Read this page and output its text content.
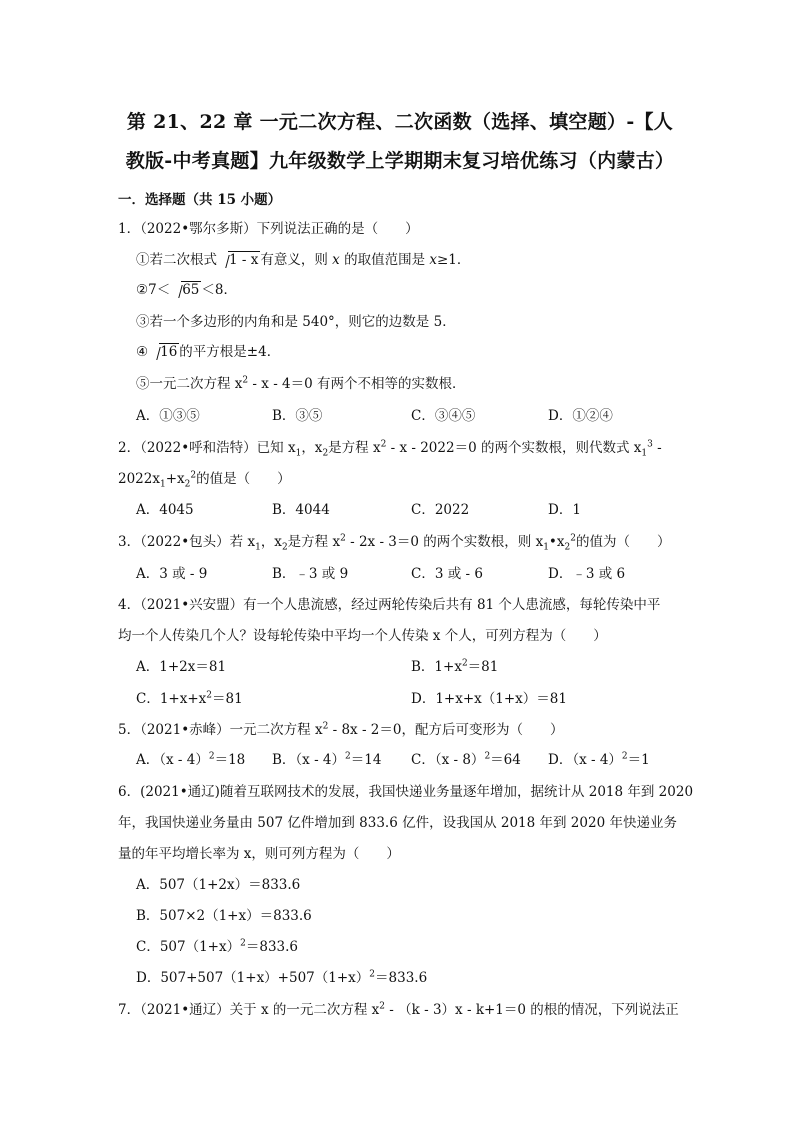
第 21、22 章 一元二次方程、二次函数（选择、填空题）-【人
教版-中考真题】九年级数学上学期期末复习培优练习（内蒙古）
一．选择题（共 15 小题）
1．（2022•鄂尔多斯）下列说法正确的是（　　）
①若二次根式 1 - x 有意义，则 x 的取值范围是 x≥1．
②7＜ 65 ＜8．
③若一个多边形的内角和是 540°，则它的边数是 5．
④ 16 的平方根是±4．
⑤一元二次方程 $x^2 - x - 4=0$ 有两个不相等的实数根．
A．①③⑤	B．③⑤	C．③④⑤	D．①②④
2．（2022•呼和浩特）已知 $x_1$，$x_2$是方程 $x^2 - x - 2022=0$ 的两个实数根，则代数式 $x_1^3$ -
$2022x_1+x_2^2$的值是（　　）
A．4045	B．4044	C．2022	D．1
3．（2022•包头）若 $x_1$，$x_2$是方程 $x^2 - 2x - 3=0$ 的两个实数根，则 $x_1•x_2^2$的值为（　　）
A．3 或 - 9	B．﹣3 或 9	C．3 或 - 6	D．﹣3 或 6
4．（2021•兴安盟）有一个人患流感，经过两轮传染后共有 81 个人患流感，每轮传染中平
均一个人传染几个人？设每轮传染中平均一个人传染 x 个人，可列方程为（　　）
A．1+2x＝81	B．$1+x^2=81$
C．$1+x+x^2=81$	D．1+x+x（1+x）＝81
5．（2021•赤峰）一元二次方程 $x^2 - 8x - 2=0$，配方后可变形为（　　）
A．（x - 4）$^2$＝18 B．（x - 4）$^2$＝14 C．（x - 8）$^2$＝64 D．（x - 4）$^2$＝1
6．(2021•通辽)随着互联网技术的发展，我国快递业务量逐年增加，据统计从 2018 年到 2020
年，我国快递业务量由 507 亿件增加到 833.6 亿件，设我国从 2018 年到 2020 年快递业务
量的年平均增长率为 x，则可列方程为（　　）
A．507（1+2x）＝833.6
B．507×2（1+x）＝833.6
C．$507(1+x)^2=833.6$
D．$507+507(1+x)+507(1+x)^2=833.6$
7．（2021•通辽）关于 x 的一元二次方程 $x^2 - (k - 3)x - k+1=0$ 的根的情况，下列说法正
